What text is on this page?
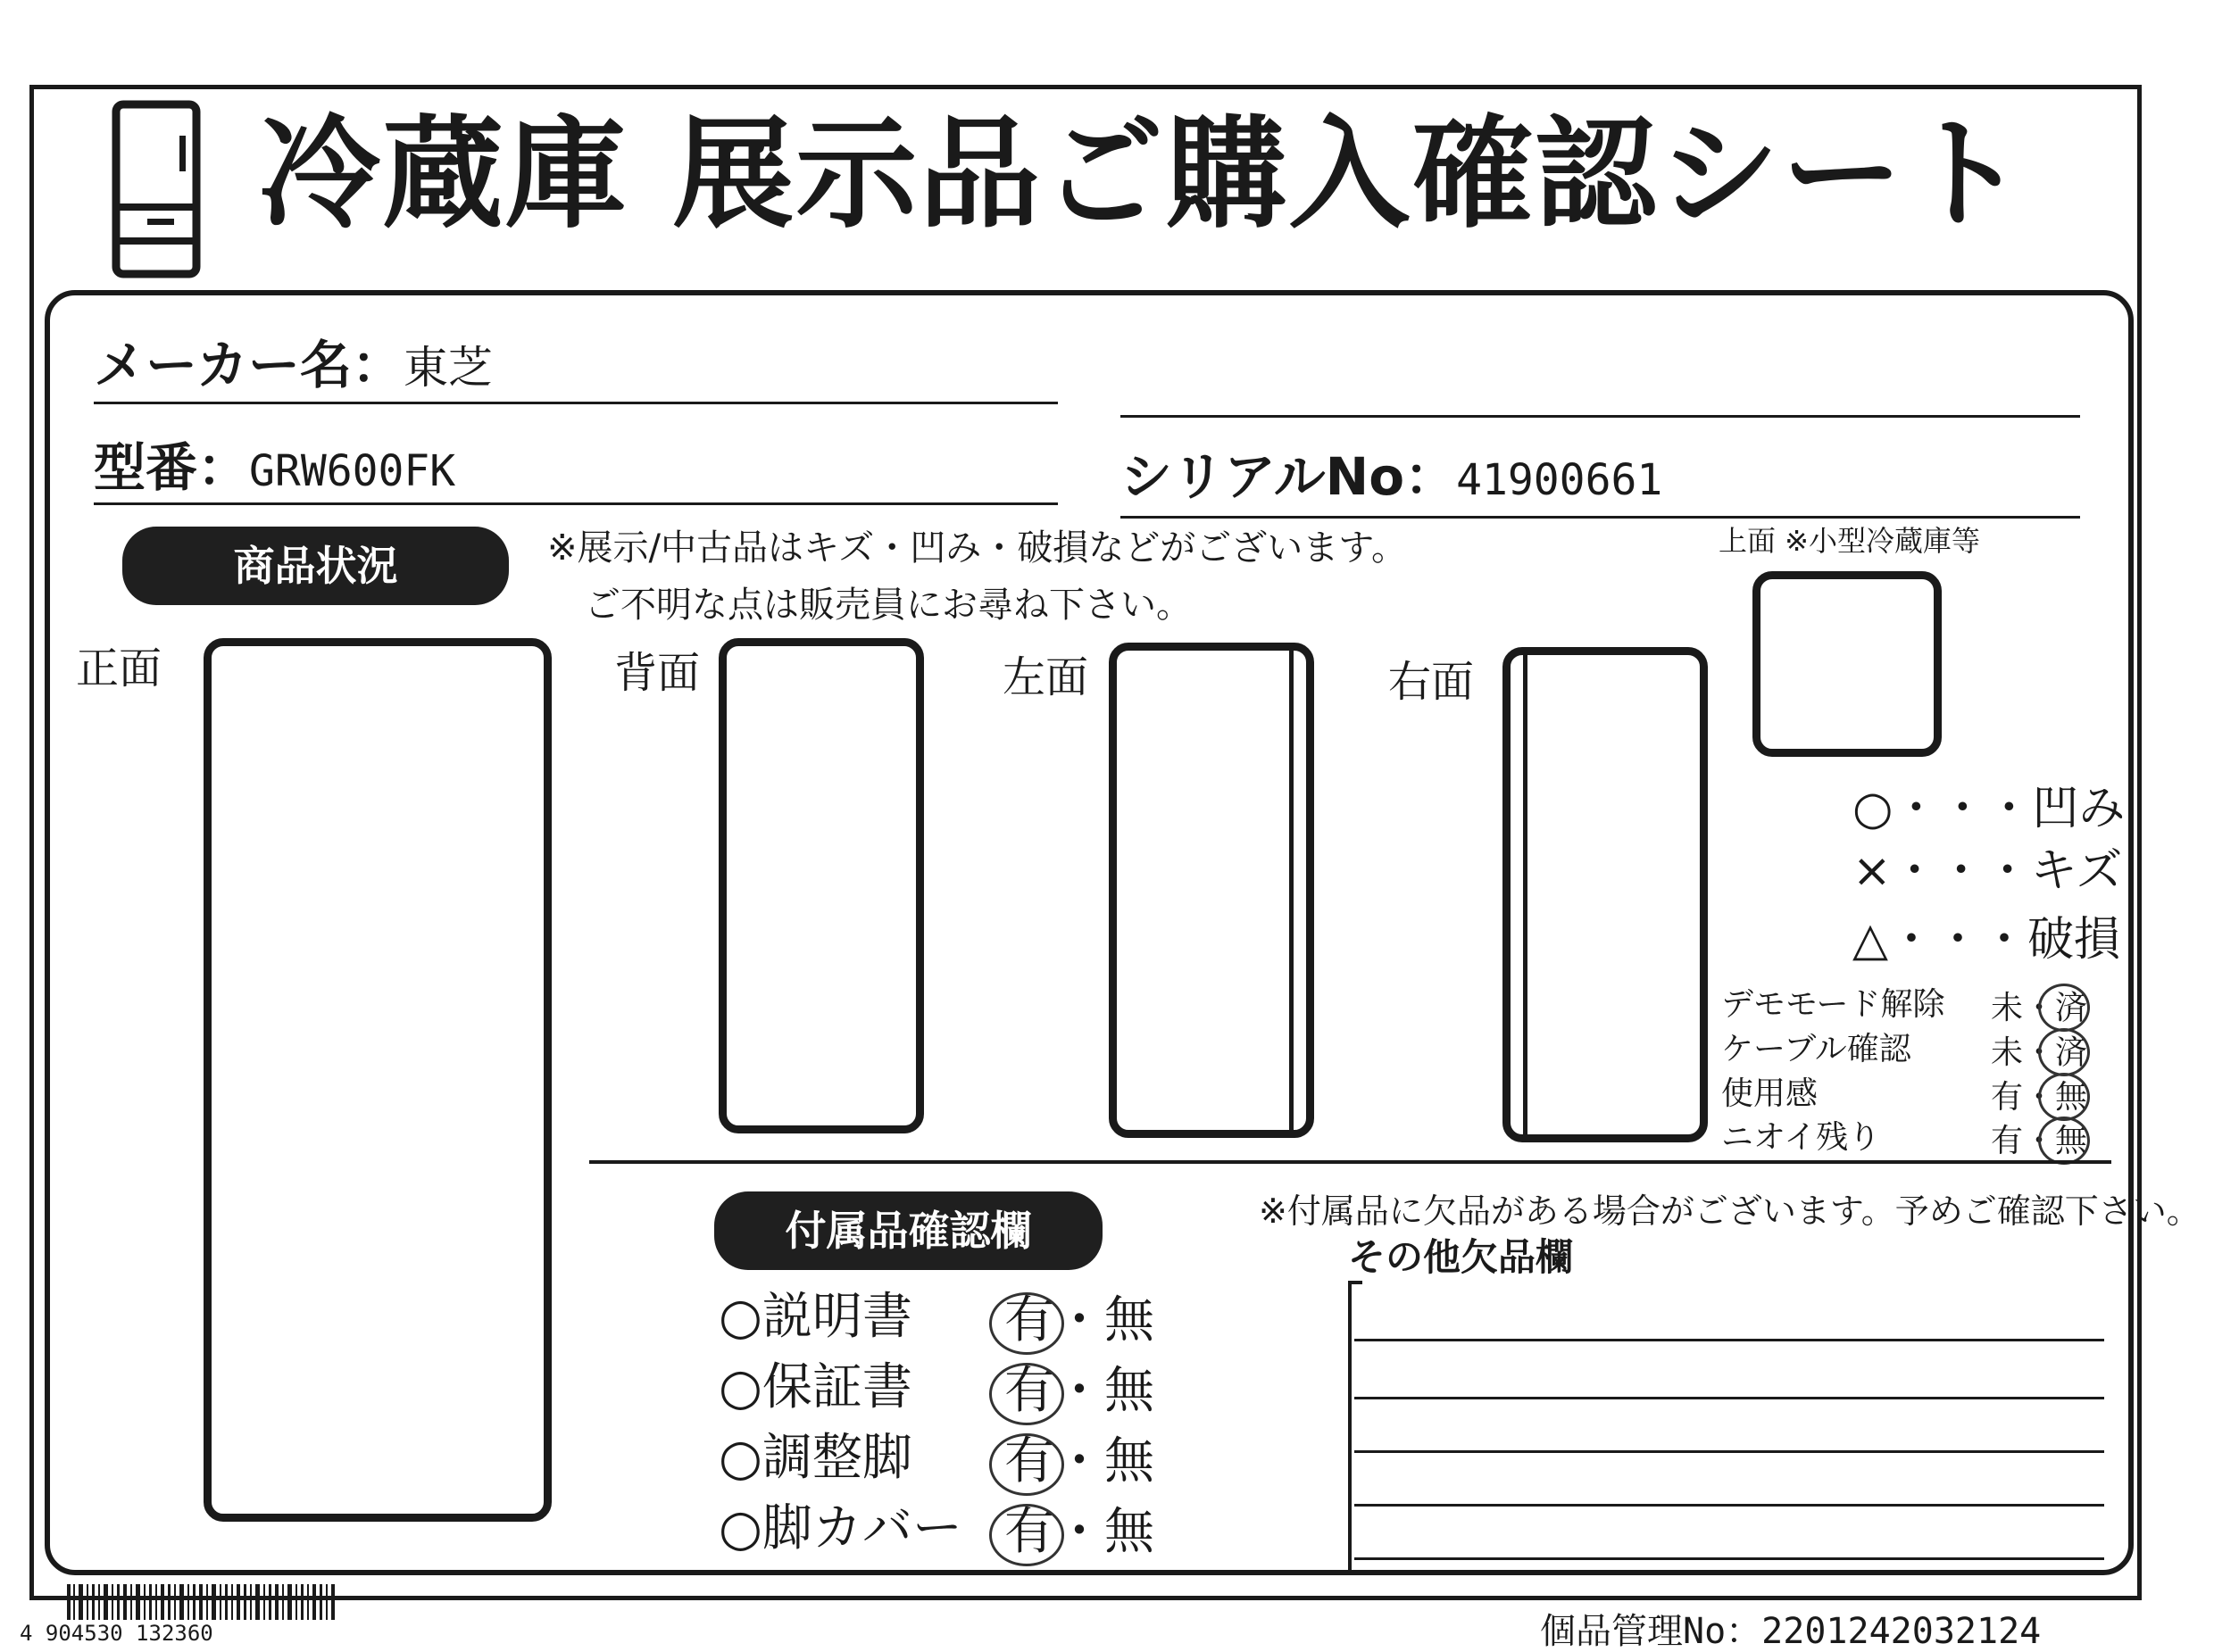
冷蔵庫 展示品ご購入確認シート
メーカー名：東芝
型番：GRW600FK	シリアルNo：41900661
商品状況	※展示/中古品はキズ・凹み・破損などがございます。
ご不明な点は販売員にお尋ね下さい。
正面	背面	左面	右面
上面 ※小型冷蔵庫等
○・・・凹み
×・・・キズ
△・・・破損
デモモード解除 未・済
ケーブル確認 未・済
使用感	有・無
ニオイ残り	有・無
付属品確認欄	※付属品に欠品がある場合がございます。予めご確認下さい。
その他欠品欄
○説明書 有・無
○保証書 有・無
○調整脚 有・無
○脚カバー 有・無
4 904530 132360	個品管理No：2201242032124
